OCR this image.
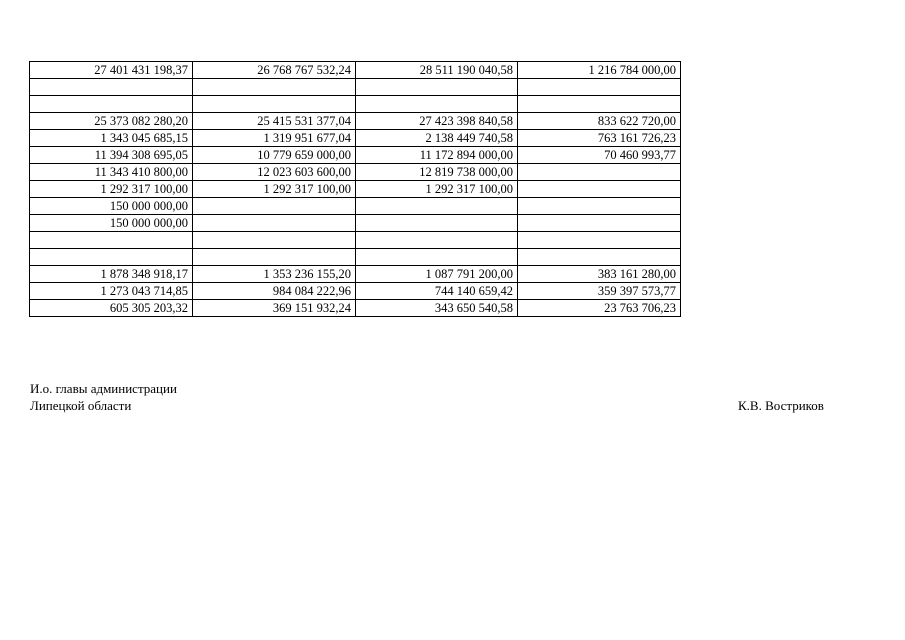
27 401 431 198,37	26 768 767 532,24	28 511 190 040,58	1 216 784 000,00

25 373 082 280,20	25 415 531 377,04	27 423 398 840,58	833 622 720,00
1 343 045 685,15	1 319 951 677,04	2 138 449 740,58	763 161 726,23
11 394 308 695,05	10 779 659 000,00	11 172 894 000,00	70 460 993,77
11 343 410 800,00	12 023 603 600,00	12 819 738 000,00	
1 292 317 100,00	1 292 317 100,00	1 292 317 100,00	
150 000 000,00			
150 000 000,00			

1 878 348 918,17	1 353 236 155,20	1 087 791 200,00	383 161 280,00
1 273 043 714,85	984 084 222,96	744 140 659,42	359 397 573,77
605 305 203,32	369 151 932,24	343 650 540,58	23 763 706,23
И.о. главы администрации
Липецкой области	К.В. Востриков
